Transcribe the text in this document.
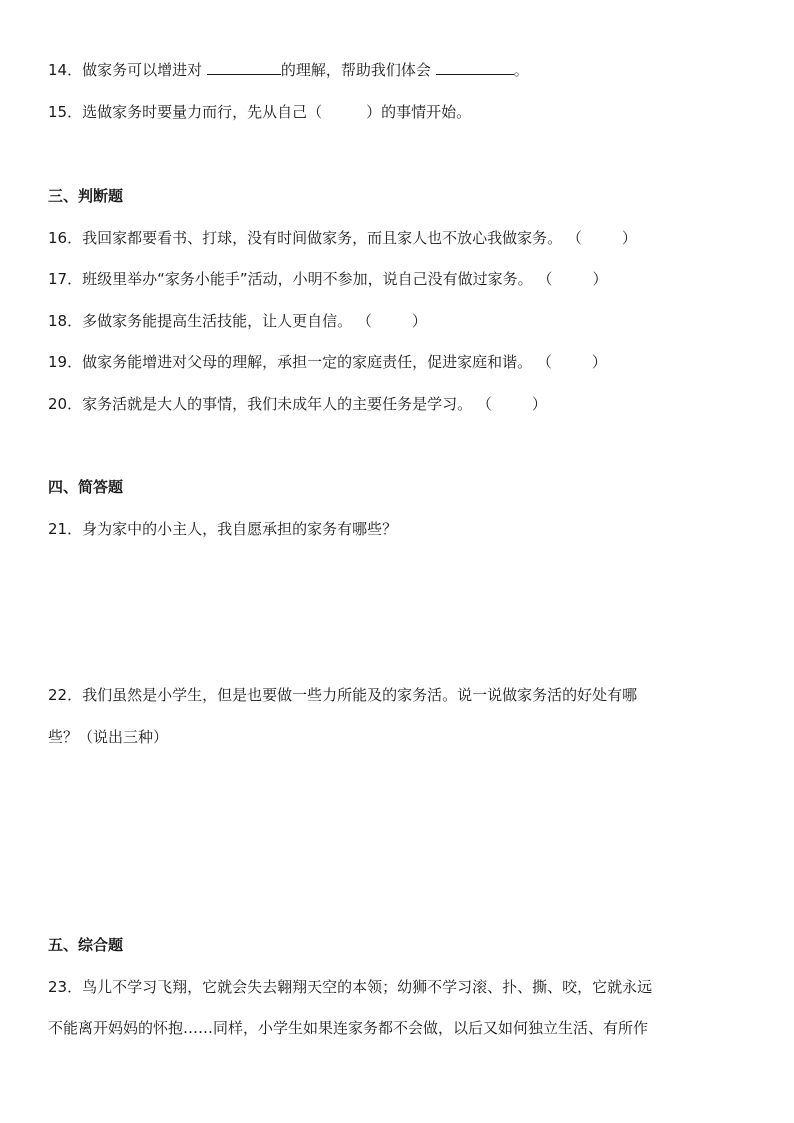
14．做家务可以增进对	的理解，帮助我们体会	。
15．选做家务时要量力而行，先从自己（	）的事情开始。
三、判断题
16．我回家都要看书、打球，没有时间做家务，而且家人也不放心我做家务。 （	）
17．班级里举办“家务小能手”活动，小明不参加，说自己没有做过家务。 （	）
18．多做家务能提高生活技能，让人更自信。 （	）
19．做家务能增进对父母的理解，承担一定的家庭责任，促进家庭和谐。 （	）
20．家务活就是大人的事情，我们未成年人的主要任务是学习。 （	）
四、简答题
21．身为家中的小主人，我自愿承担的家务有哪些？
22．我们虽然是小学生，但是也要做一些力所能及的家务活。说一说做家务活的好处有哪
些？（说出三种）
五、综合题
23．鸟儿不学习飞翔，它就会失去翱翔天空的本领；幼狮不学习滚、扑、撕、咬，它就永远
不能离开妈妈的怀抱……同样，小学生如果连家务都不会做，以后又如何独立生活、有所作
